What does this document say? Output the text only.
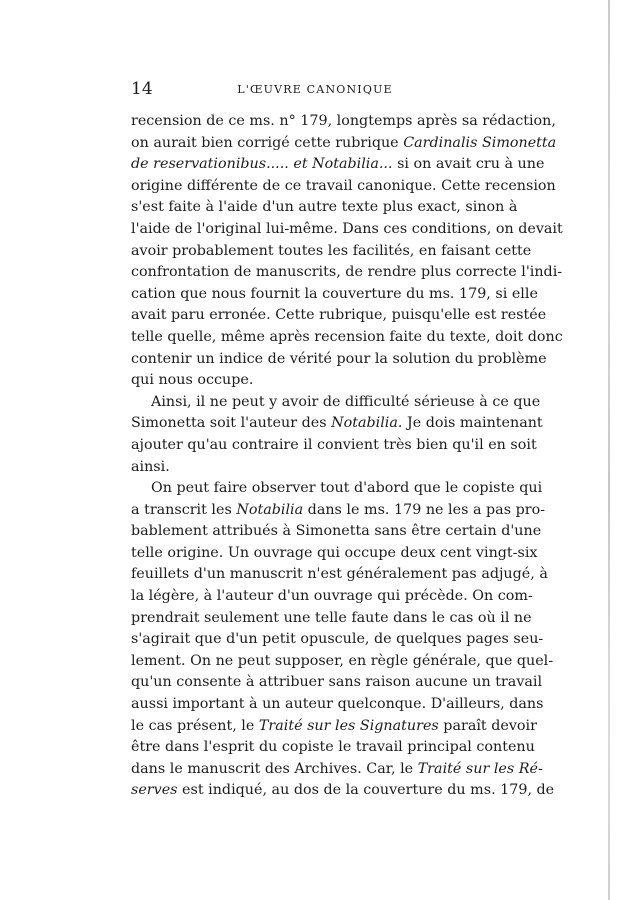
14	L'ŒUVRE CANONIQUE
recension de ce ms. n° 179, longtemps après sa rédaction,
on aurait bien corrigé cette rubrique Cardinalis Simonetta
de reservationibus..... et Notabilia... si on avait cru à une
origine différente de ce travail canonique. Cette recension
s'est faite à l'aide d'un autre texte plus exact, sinon à
l'aide de l'original lui-même. Dans ces conditions, on devait
avoir probablement toutes les facilités, en faisant cette
confrontation de manuscrits, de rendre plus correcte l'indi-
cation que nous fournit la couverture du ms. 179, si elle
avait paru erronée. Cette rubrique, puisqu'elle est restée
telle quelle, même après recension faite du texte, doit donc
contenir un indice de vérité pour la solution du problème
qui nous occupe.
Ainsi, il ne peut y avoir de difficulté sérieuse à ce que
Simonetta soit l'auteur des Notabilia. Je dois maintenant
ajouter qu'au contraire il convient très bien qu'il en soit
ainsi.
On peut faire observer tout d'abord que le copiste qui
a transcrit les Notabilia dans le ms. 179 ne les a pas pro-
bablement attribués à Simonetta sans être certain d'une
telle origine. Un ouvrage qui occupe deux cent vingt-six
feuillets d'un manuscrit n'est généralement pas adjugé, à
la légère, à l'auteur d'un ouvrage qui précède. On com-
prendrait seulement une telle faute dans le cas où il ne
s'agirait que d'un petit opuscule, de quelques pages seu-
lement. On ne peut supposer, en règle générale, que quel-
qu'un consente à attribuer sans raison aucune un travail
aussi important à un auteur quelconque. D'ailleurs, dans
le cas présent, le Traité sur les Signatures paraît devoir
être dans l'esprit du copiste le travail principal contenu
dans le manuscrit des Archives. Car, le Traité sur les Ré-
serves est indiqué, au dos de la couverture du ms. 179, de
